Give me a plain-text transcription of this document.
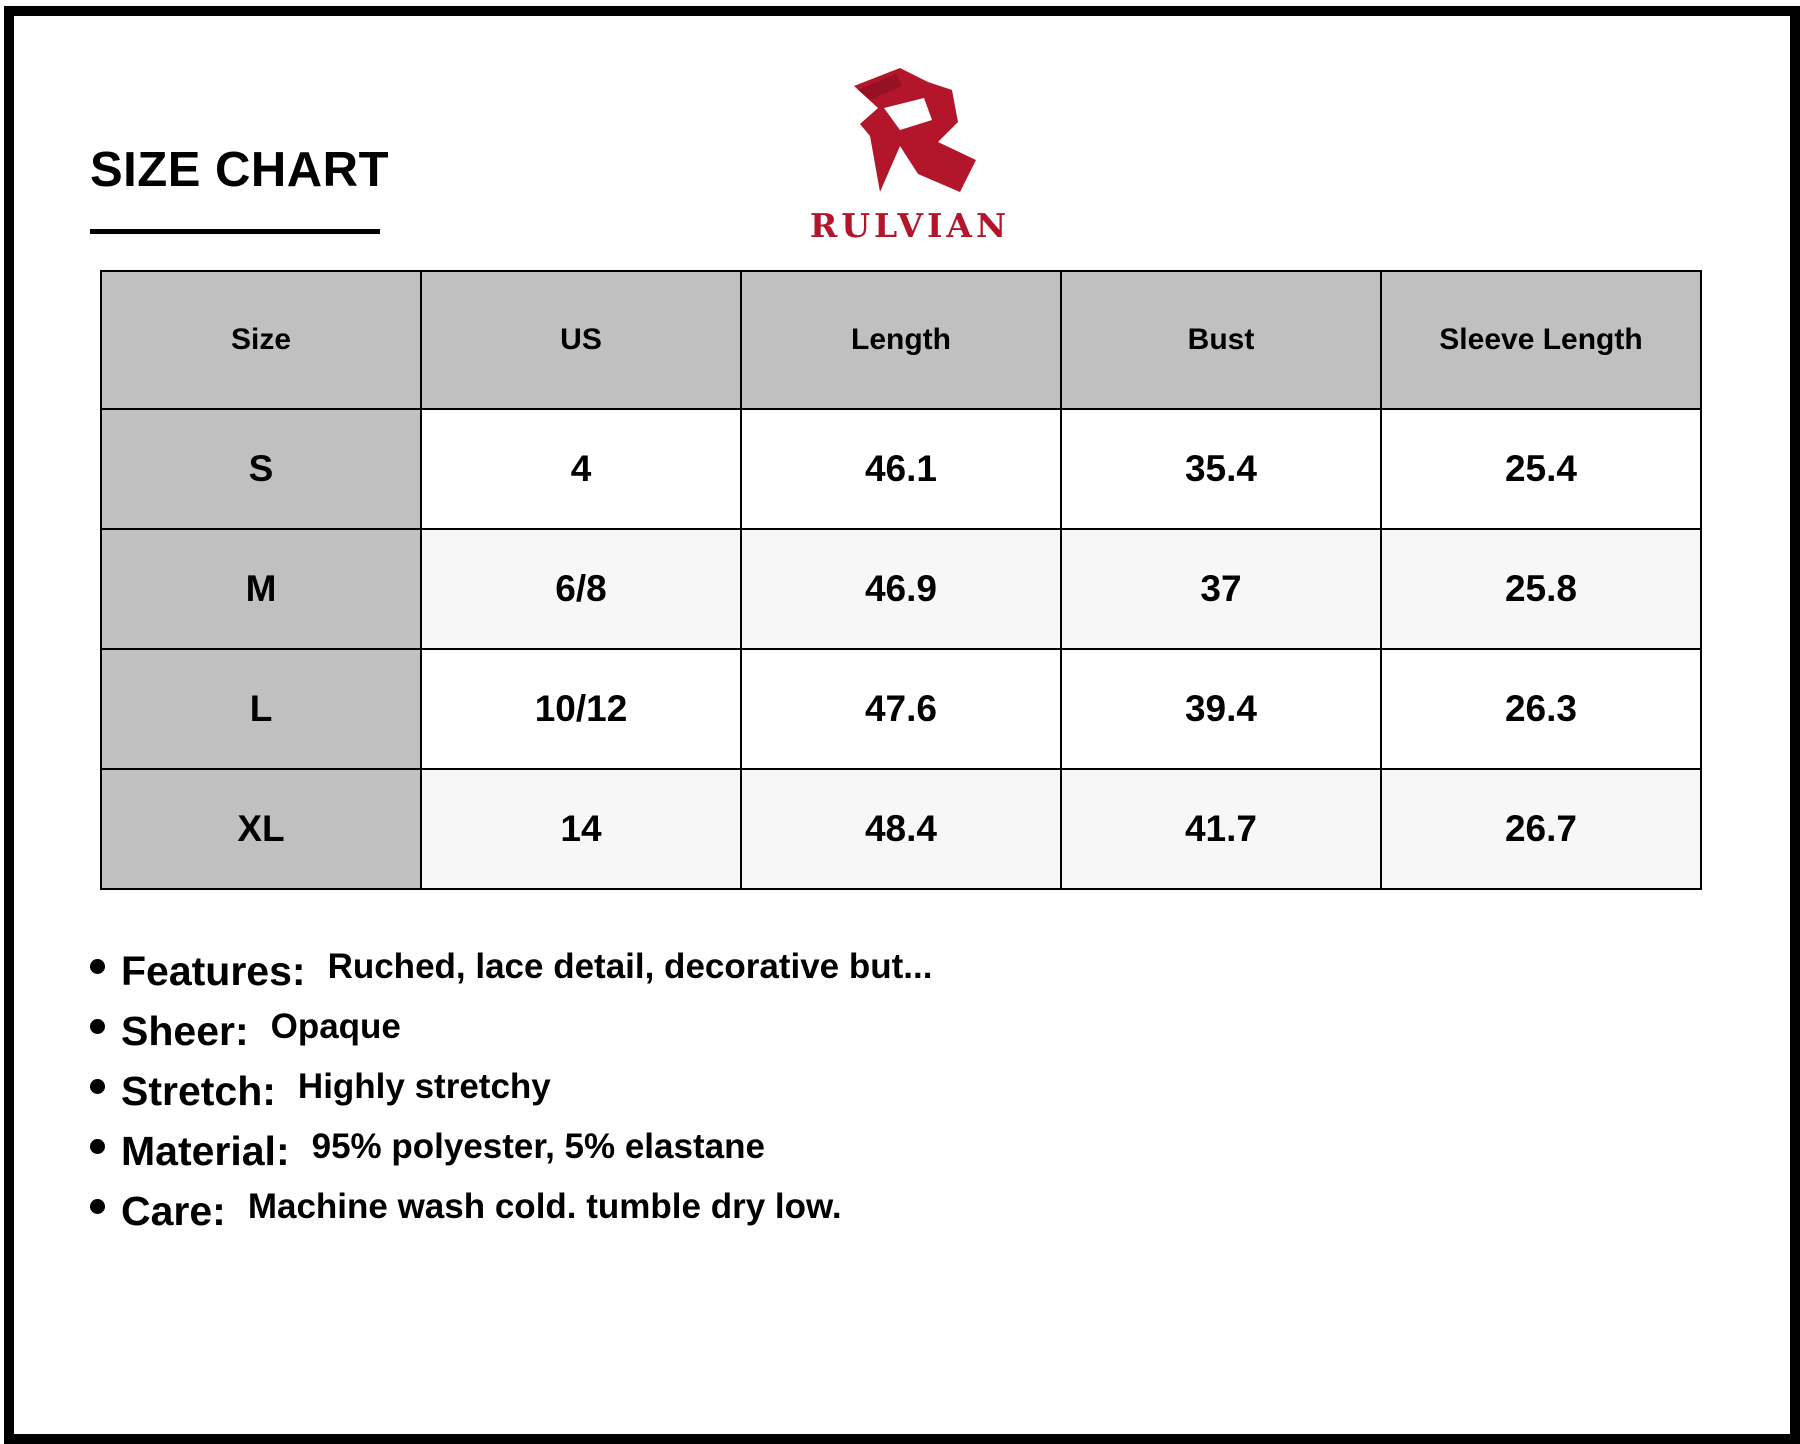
SIZE CHART
RULVIAN
Size	US	Length	Bust	Sleeve Length
S	4	46.1	35.4	25.4
M	6/8	46.9	37	25.8
L	10/12	47.6	39.4	26.3
XL	14	48.4	41.7	26.7
Features: Ruched, lace detail, decorative but...
Sheer: Opaque
Stretch: Highly stretchy
Material: 95% polyester, 5% elastane
Care: Machine wash cold. tumble dry low.
